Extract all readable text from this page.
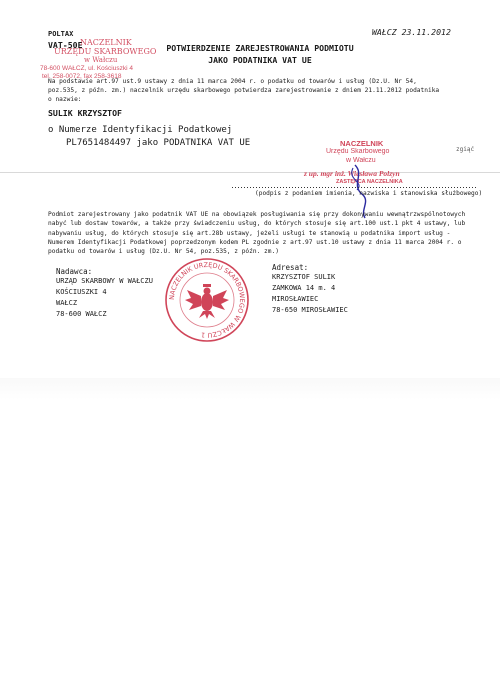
POLTAX
VAT-50E
WAŁCZ 23.11.2012
NACZELNIK
URZĘDU SKARBOWEGO
w Wałczu
78-600 WAŁCZ, ul. Kościuszki 4
tel. 258-0072, fax 258-3618
POTWIERDZENIE ZAREJESTROWANIA PODMIOTU
JAKO PODATNIKA VAT UE
Na podstawie art.97 ust.9 ustawy z dnia 11 marca 2004 r. o podatku od towarów i usług (Dz.U. Nr 54,
poz.535, z późn. zm.) naczelnik urzędu skarbowego potwierdza zarejestrowanie z dniem 21.11.2012 podatnika
o nazwie:
SULIK KRZYSZTOF
o Numerze Identyfikacji Podatkowej
PL7651484497 jako PODATNIKA VAT UE	NACZELNIK
Urzędu Skarbowego
w Wałczu
z up. mgr inż. Wiesława Polzyn
ZASTĘPCA NACZELNIKA
(podpis z podaniem imienia, nazwiska i stanowiska służbowego)
zgiąć
Podmiot zarejestrowany jako podatnik VAT UE na obowiązek posługiwania się przy dokonywaniu wewnątrzwspólnotowych nabyć lub dostaw towarów, a także przy świadczeniu usług, do których stosuje się art.100 ust.1 pkt 4 ustawy, lub nabywaniu usług, do których stosuje się art.28b ustawy, jeżeli usługi te stanowią u podatnika import usług - Numerem Identyfikacji Podatkowej poprzedzonym kodem PL zgodnie z art.97 ust.10 ustawy z dnia 11 marca 2004 r. o podatku od towarów i usług (Dz.U. Nr 54, poz.535, z późn. zm.)
Nadawca:
URZĄD SKARBOWY W WAŁCZU
KOŚCIUSZKI 4
WAŁCZ
78-600 WAŁCZ
NACZELNIK URZĘDU SKARBOWEGO W WAŁCZU 1
Adresat:
KRZYSZTOF SULIK
ZAMKOWA 14 m. 4
MIROSŁAWIEC
78-650 MIROSŁAWIEC
